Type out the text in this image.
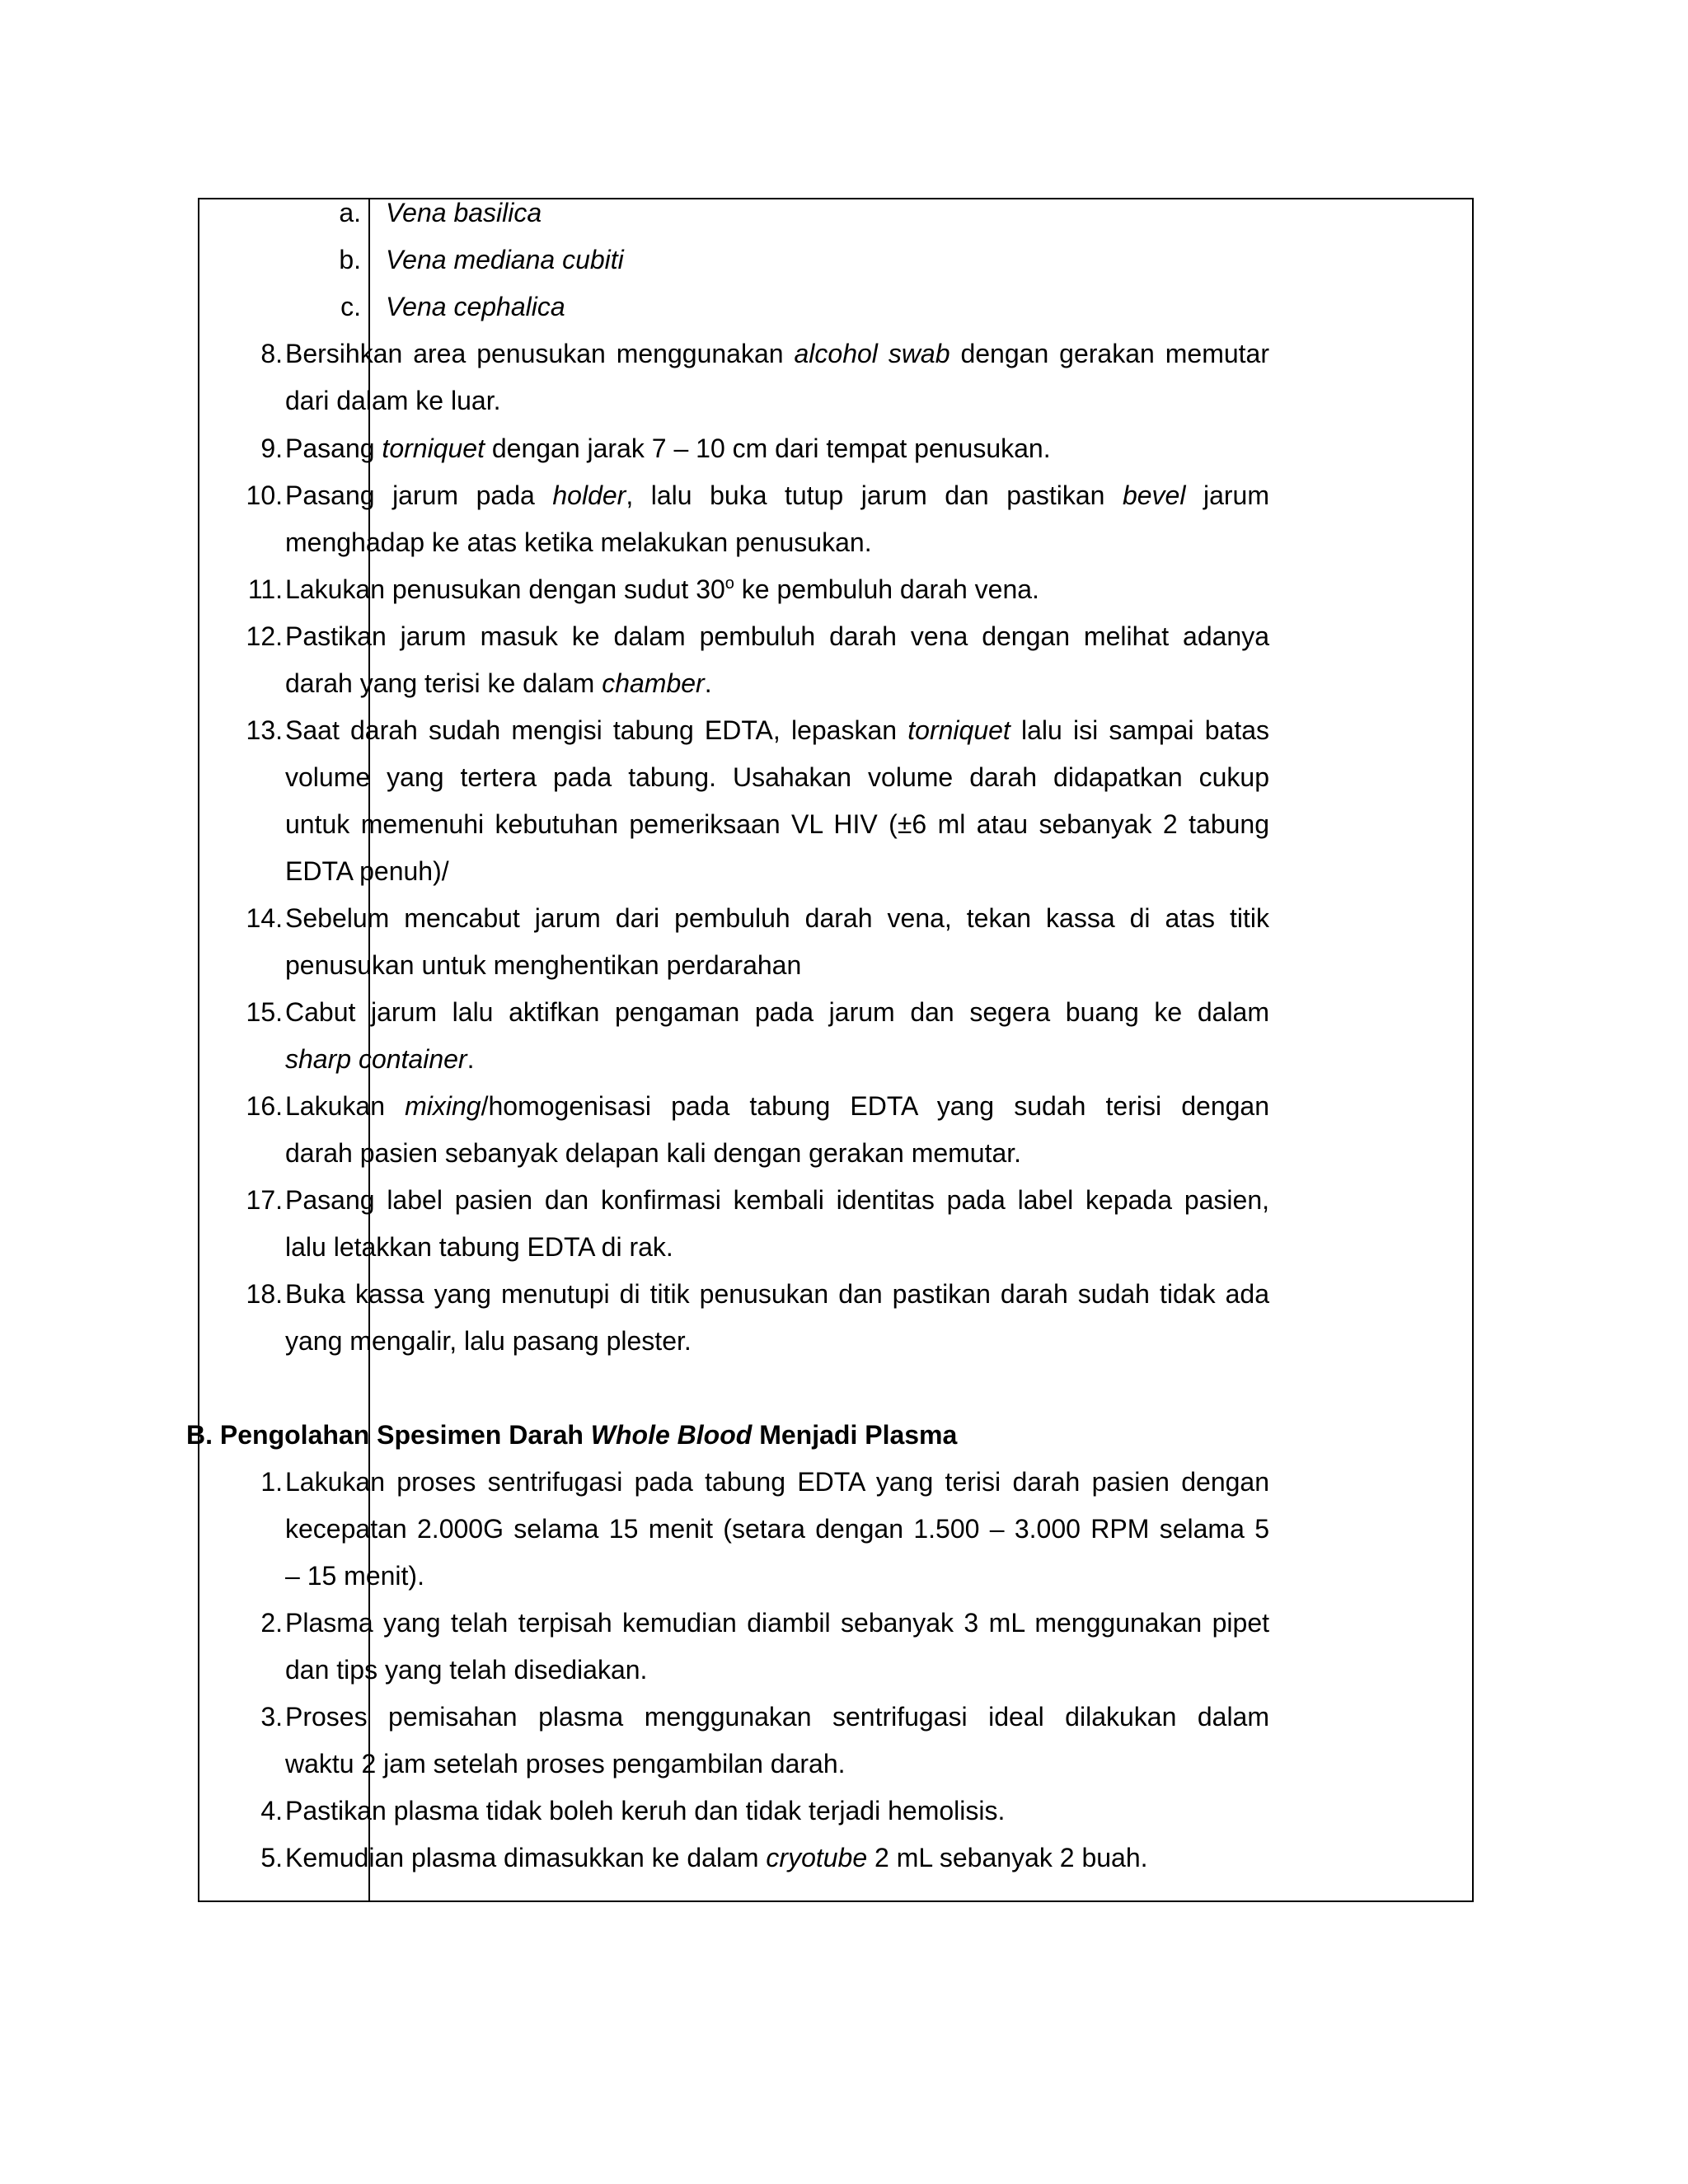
a. Vena basilica
b. Vena mediana cubiti
c. Vena cephalica
8. Bersihkan area penusukan menggunakan alcohol swab dengan gerakan memutar
dari dalam ke luar.
9. Pasang torniquet dengan jarak 7 – 10 cm dari tempat penusukan.
10. Pasang jarum pada holder, lalu buka tutup jarum dan pastikan bevel jarum
menghadap ke atas ketika melakukan penusukan.
11. Lakukan penusukan dengan sudut 30$^o$ ke pembuluh darah vena.
12. Pastikan jarum masuk ke dalam pembuluh darah vena dengan melihat adanya
darah yang terisi ke dalam chamber.
13. Saat darah sudah mengisi tabung EDTA, lepaskan torniquet lalu isi sampai batas
volume yang tertera pada tabung. Usahakan volume darah didapatkan cukup
untuk memenuhi kebutuhan pemeriksaan VL HIV (±6 ml atau sebanyak 2 tabung
EDTA penuh)/
14. Sebelum mencabut jarum dari pembuluh darah vena, tekan kassa di atas titik
penusukan untuk menghentikan perdarahan
15. Cabut jarum lalu aktifkan pengaman pada jarum dan segera buang ke dalam
sharp container.
16. Lakukan mixing/homogenisasi pada tabung EDTA yang sudah terisi dengan
darah pasien sebanyak delapan kali dengan gerakan memutar.
17. Pasang label pasien dan konfirmasi kembali identitas pada label kepada pasien,
lalu letakkan tabung EDTA di rak.
18. Buka kassa yang menutupi di titik penusukan dan pastikan darah sudah tidak ada
yang mengalir, lalu pasang plester.
B. Pengolahan Spesimen Darah Whole Blood Menjadi Plasma
1. Lakukan proses sentrifugasi pada tabung EDTA yang terisi darah pasien dengan
kecepatan 2.000G selama 15 menit (setara dengan 1.500 – 3.000 RPM selama 5
– 15 menit).
2. Plasma yang telah terpisah kemudian diambil sebanyak 3 mL menggunakan pipet
dan tips yang telah disediakan.
3. Proses pemisahan plasma menggunakan sentrifugasi ideal dilakukan dalam
waktu 2 jam setelah proses pengambilan darah.
4. Pastikan plasma tidak boleh keruh dan tidak terjadi hemolisis.
5. Kemudian plasma dimasukkan ke dalam cryotube 2 mL sebanyak 2 buah.
